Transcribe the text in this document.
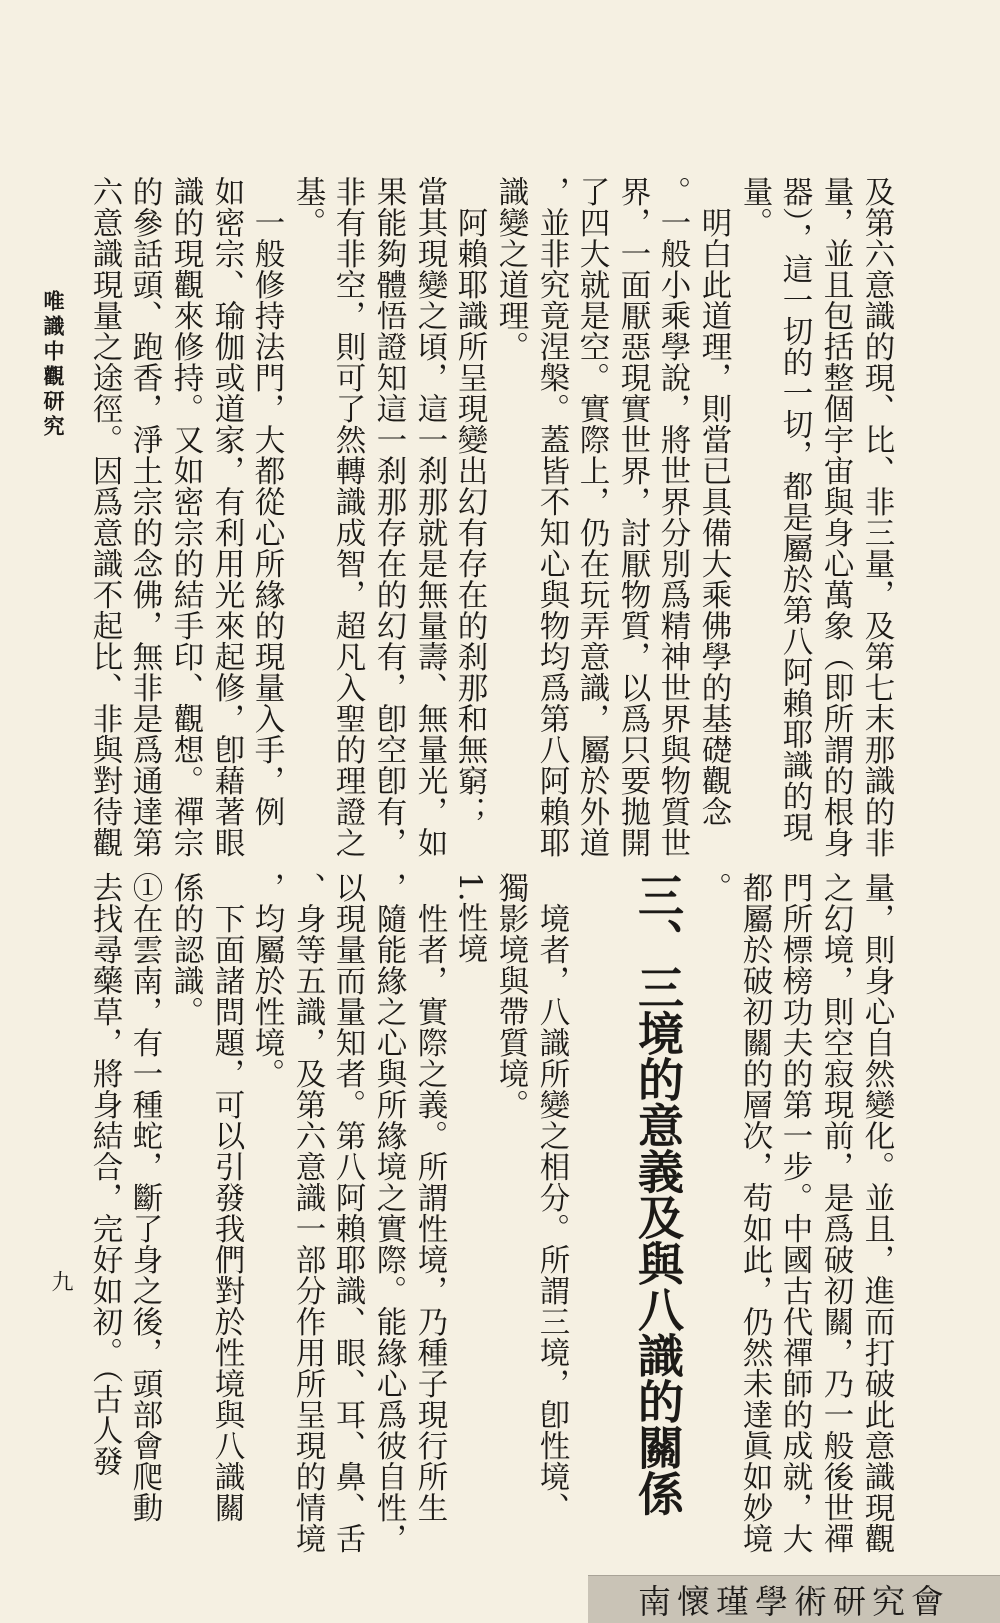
唯識中觀研究
九
及第六意識的現、比、非三量，及第七末那識的非
量，並且包括整個宇宙與身心萬象（即所謂的根身
器），這一切的一切，都是屬於第八阿賴耶識的現
量。
　明白此道理，則當已具備大乘佛學的基礎觀念
。一般小乘學說，將世界分別爲精神世界與物質世
界，一面厭惡現實世界，討厭物質，以爲只要拋開
了四大就是空。實際上，仍在玩弄意識，屬於外道
，並非究竟涅槃。蓋皆不知心與物均爲第八阿賴耶
識變之道理。
　阿賴耶識所呈現變出幻有存在的刹那和無窮；
當其現變之頃，這一刹那就是無量壽、無量光，如
果能夠體悟證知這一刹那存在的幻有，卽空卽有，
非有非空，則可了然轉識成智，超凡入聖的理證之
基。
　一般修持法門，大都從心所緣的現量入手，例
如密宗、瑜伽或道家，有利用光來起修，卽藉著眼
識的現觀來修持。又如密宗的結手印、觀想。禪宗
的參話頭、跑香，淨土宗的念佛，無非是爲通達第
六意識現量之途徑。因爲意識不起比、非與對待觀
量，則身心自然變化。並且，進而打破此意識現觀
之幻境，則空寂現前，是爲破初關，乃一般後世禪
門所標榜功夫的第一步。中國古代禪師的成就，大
都屬於破初關的層次，苟如此，仍然未達眞如妙境
。
三、三境的意義及與八識的關係
　境者，八識所變之相分。所謂三境，卽性境、
獨影境與帶質境。
1.性境
　性者，實際之義。所謂性境，乃種子現行所生
，隨能緣之心與所緣境之實際。能緣心爲彼自性，
以現量而量知者。第八阿賴耶識、眼、耳、鼻、舌
、身等五識，及第六意識一部分作用所呈現的情境
，均屬於性境。
　下面諸問題，可以引發我們對於性境與八識關
係的認識。
①在雲南，有一種蛇，斷了身之後，頭部會爬動
去找尋藥草，將身結合，完好如初。（古人發
南懷瑾學術研究會
